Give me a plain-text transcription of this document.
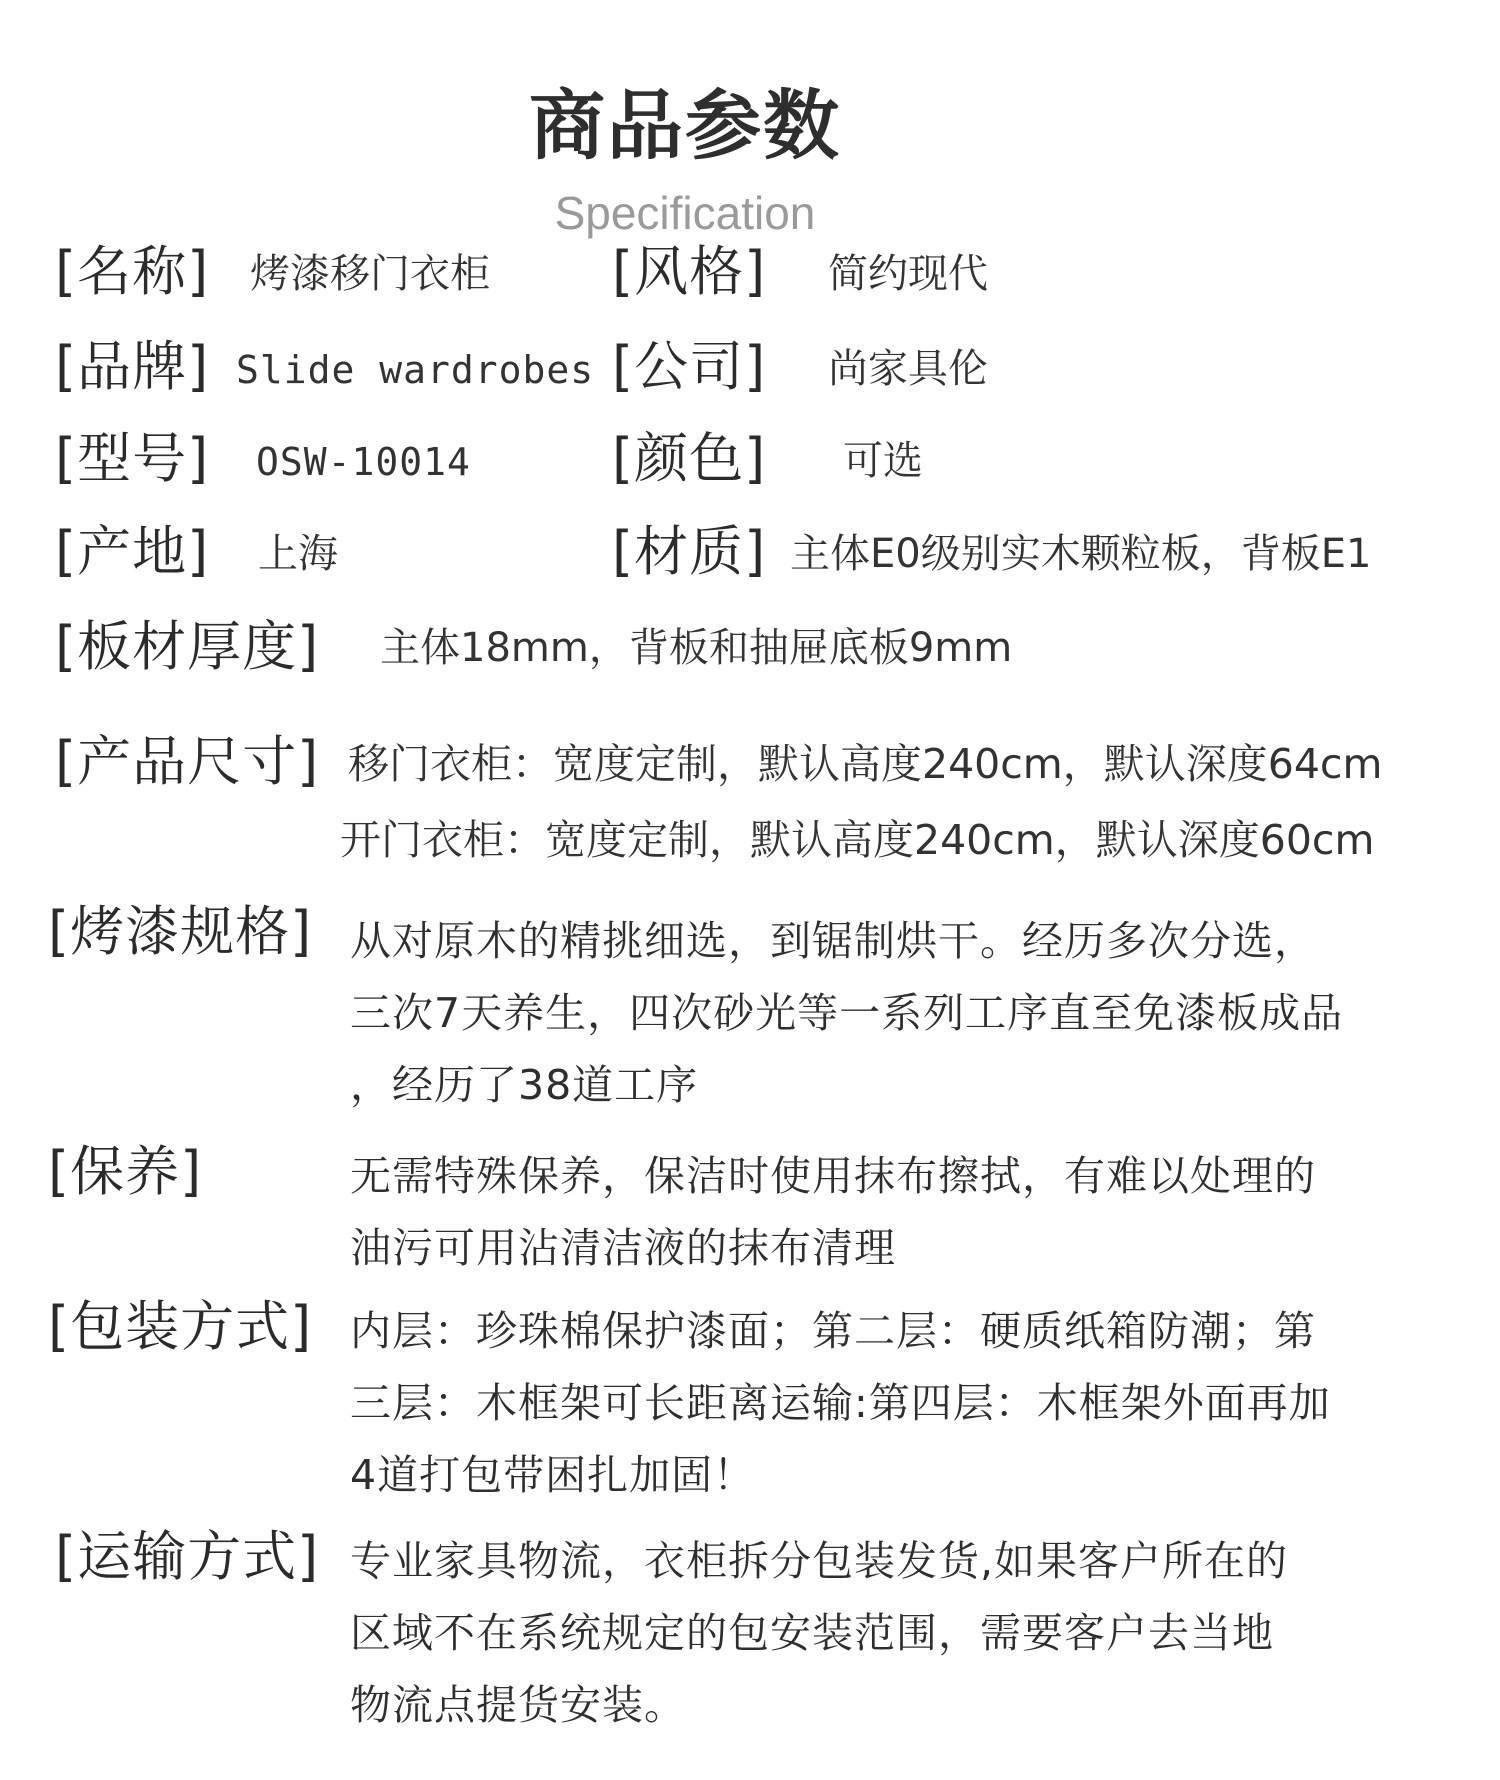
商品参数
Specification
[名称] 烤漆移门衣柜 [风格] 简约现代
[品牌] Slide wardrobes [公司] 尚家具伦
[型号] OSW-10014	[颜色] 可选
[产地] 上海	[材质] 主体E0级别实木颗粒板，背板E1
[板材厚度] 主体18mm，背板和抽屉底板9mm
[产品尺寸] 移门衣柜：宽度定制，默认高度240cm，默认深度64cm
开门衣柜：宽度定制，默认高度240cm，默认深度60cm
[烤漆规格] 从对原木的精挑细选，到锯制烘干。经历多次分选，
三次7天养生，四次砂光等一系列工序直至免漆板成品
，经历了38道工序
[保养]	无需特殊保养，保洁时使用抹布擦拭，有难以处理的
油污可用沾清洁液的抹布清理
[包装方式] 内层：珍珠棉保护漆面；第二层：硬质纸箱防潮；第
三层：木框架可长距离运输:第四层：木框架外面再加
4道打包带困扎加固！
[运输方式] 专业家具物流，衣柜拆分包装发货,如果客户所在的
区域不在系统规定的包安装范围，需要客户去当地
物流点提货安装。
